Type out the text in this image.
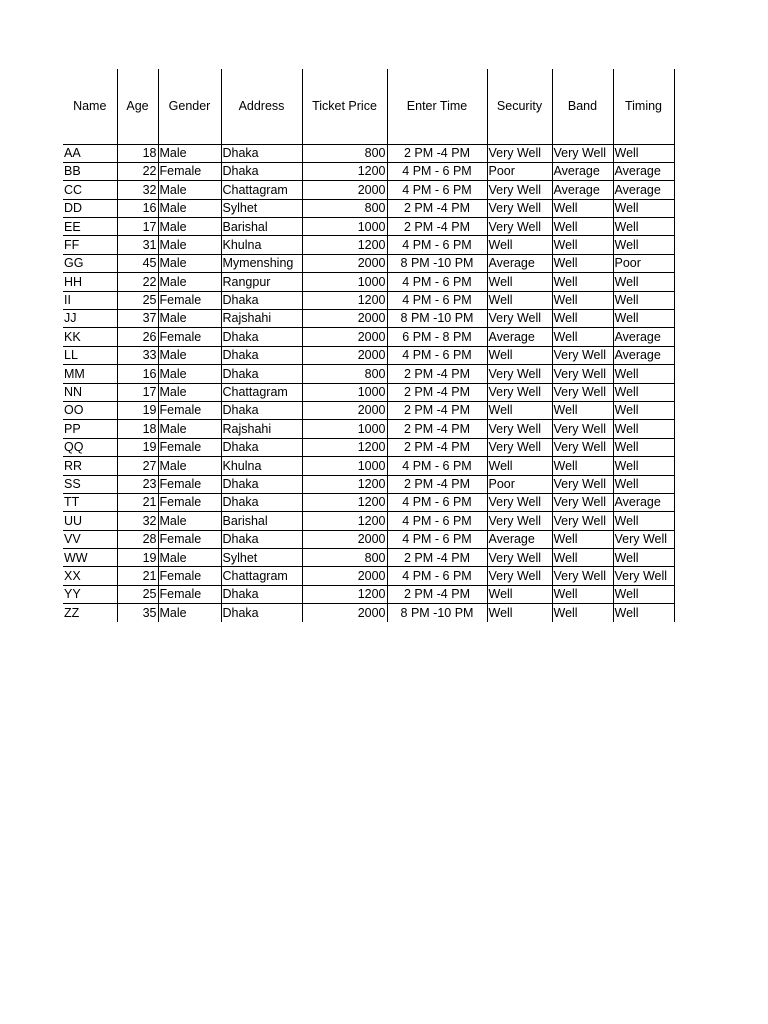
Name	Age	Gender	Address	Ticket Price	Enter Time	Security	Band	Timing
AA	18	Male	Dhaka	800	2 PM -4 PM	Very Well	Very Well	Well
BB	22	Female	Dhaka	1200	4 PM - 6 PM	Poor	Average	Average
CC	32	Male	Chattagram	2000	4 PM - 6 PM	Very Well	Average	Average
DD	16	Male	Sylhet	800	2 PM -4 PM	Very Well	Well	Well
EE	17	Male	Barishal	1000	2 PM -4 PM	Very Well	Well	Well
FF	31	Male	Khulna	1200	4 PM - 6 PM	Well	Well	Well
GG	45	Male	Mymenshing	2000	8 PM -10 PM	Average	Well	Poor
HH	22	Male	Rangpur	1000	4 PM - 6 PM	Well	Well	Well
II	25	Female	Dhaka	1200	4 PM - 6 PM	Well	Well	Well
JJ	37	Male	Rajshahi	2000	8 PM -10 PM	Very Well	Well	Well
KK	26	Female	Dhaka	2000	6 PM - 8 PM	Average	Well	Average
LL	33	Male	Dhaka	2000	4 PM - 6 PM	Well	Very Well	Average
MM	16	Male	Dhaka	800	2 PM -4 PM	Very Well	Very Well	Well
NN	17	Male	Chattagram	1000	2 PM -4 PM	Very Well	Very Well	Well
OO	19	Female	Dhaka	2000	2 PM -4 PM	Well	Well	Well
PP	18	Male	Rajshahi	1000	2 PM -4 PM	Very Well	Very Well	Well
QQ	19	Female	Dhaka	1200	2 PM -4 PM	Very Well	Very Well	Well
RR	27	Male	Khulna	1000	4 PM - 6 PM	Well	Well	Well
SS	23	Female	Dhaka	1200	2 PM -4 PM	Poor	Very Well	Well
TT	21	Female	Dhaka	1200	4 PM - 6 PM	Very Well	Very Well	Average
UU	32	Male	Barishal	1200	4 PM - 6 PM	Very Well	Very Well	Well
VV	28	Female	Dhaka	2000	4 PM - 6 PM	Average	Well	Very Well
WW	19	Male	Sylhet	800	2 PM -4 PM	Very Well	Well	Well
XX	21	Female	Chattagram	2000	4 PM - 6 PM	Very Well	Very Well	Very Well
YY	25	Female	Dhaka	1200	2 PM -4 PM	Well	Well	Well
ZZ	35	Male	Dhaka	2000	8 PM -10 PM	Well	Well	Well
